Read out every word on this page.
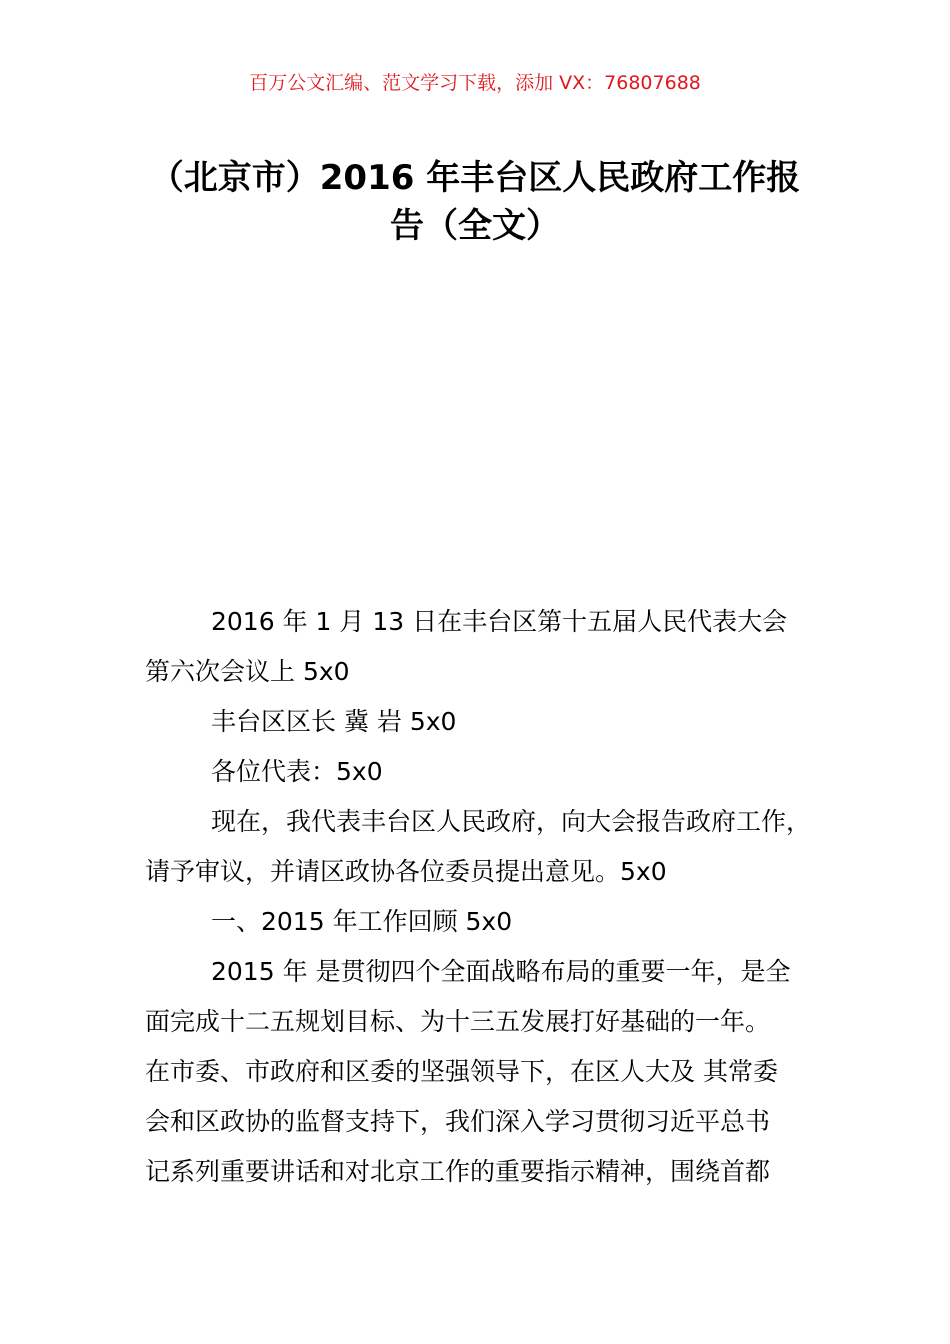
百万公文汇编、范文学习下载，添加 VX：76807688
（北京市）2016 年丰台区人民政府工作报
告（全文）
2016 年 1 月 13 日在丰台区第十五届人民代表大会
第六次会议上 5x0
丰台区区长 冀 岩 5x0
各位代表：5x0
现在，我代表丰台区人民政府，向大会报告政府工作，
请予审议，并请区政协各位委员提出意见。5x0
一、2015 年工作回顾 5x0
2015 年 是贯彻四个全面战略布局的重要一年，是全
面完成十二五规划目标、为十三五发展打好基础的一年。
在市委、市政府和区委的坚强领导下，在区人大及 其常委
会和区政协的监督支持下，我们深入学习贯彻习近平总书
记系列重要讲话和对北京工作的重要指示精神，围绕首都
